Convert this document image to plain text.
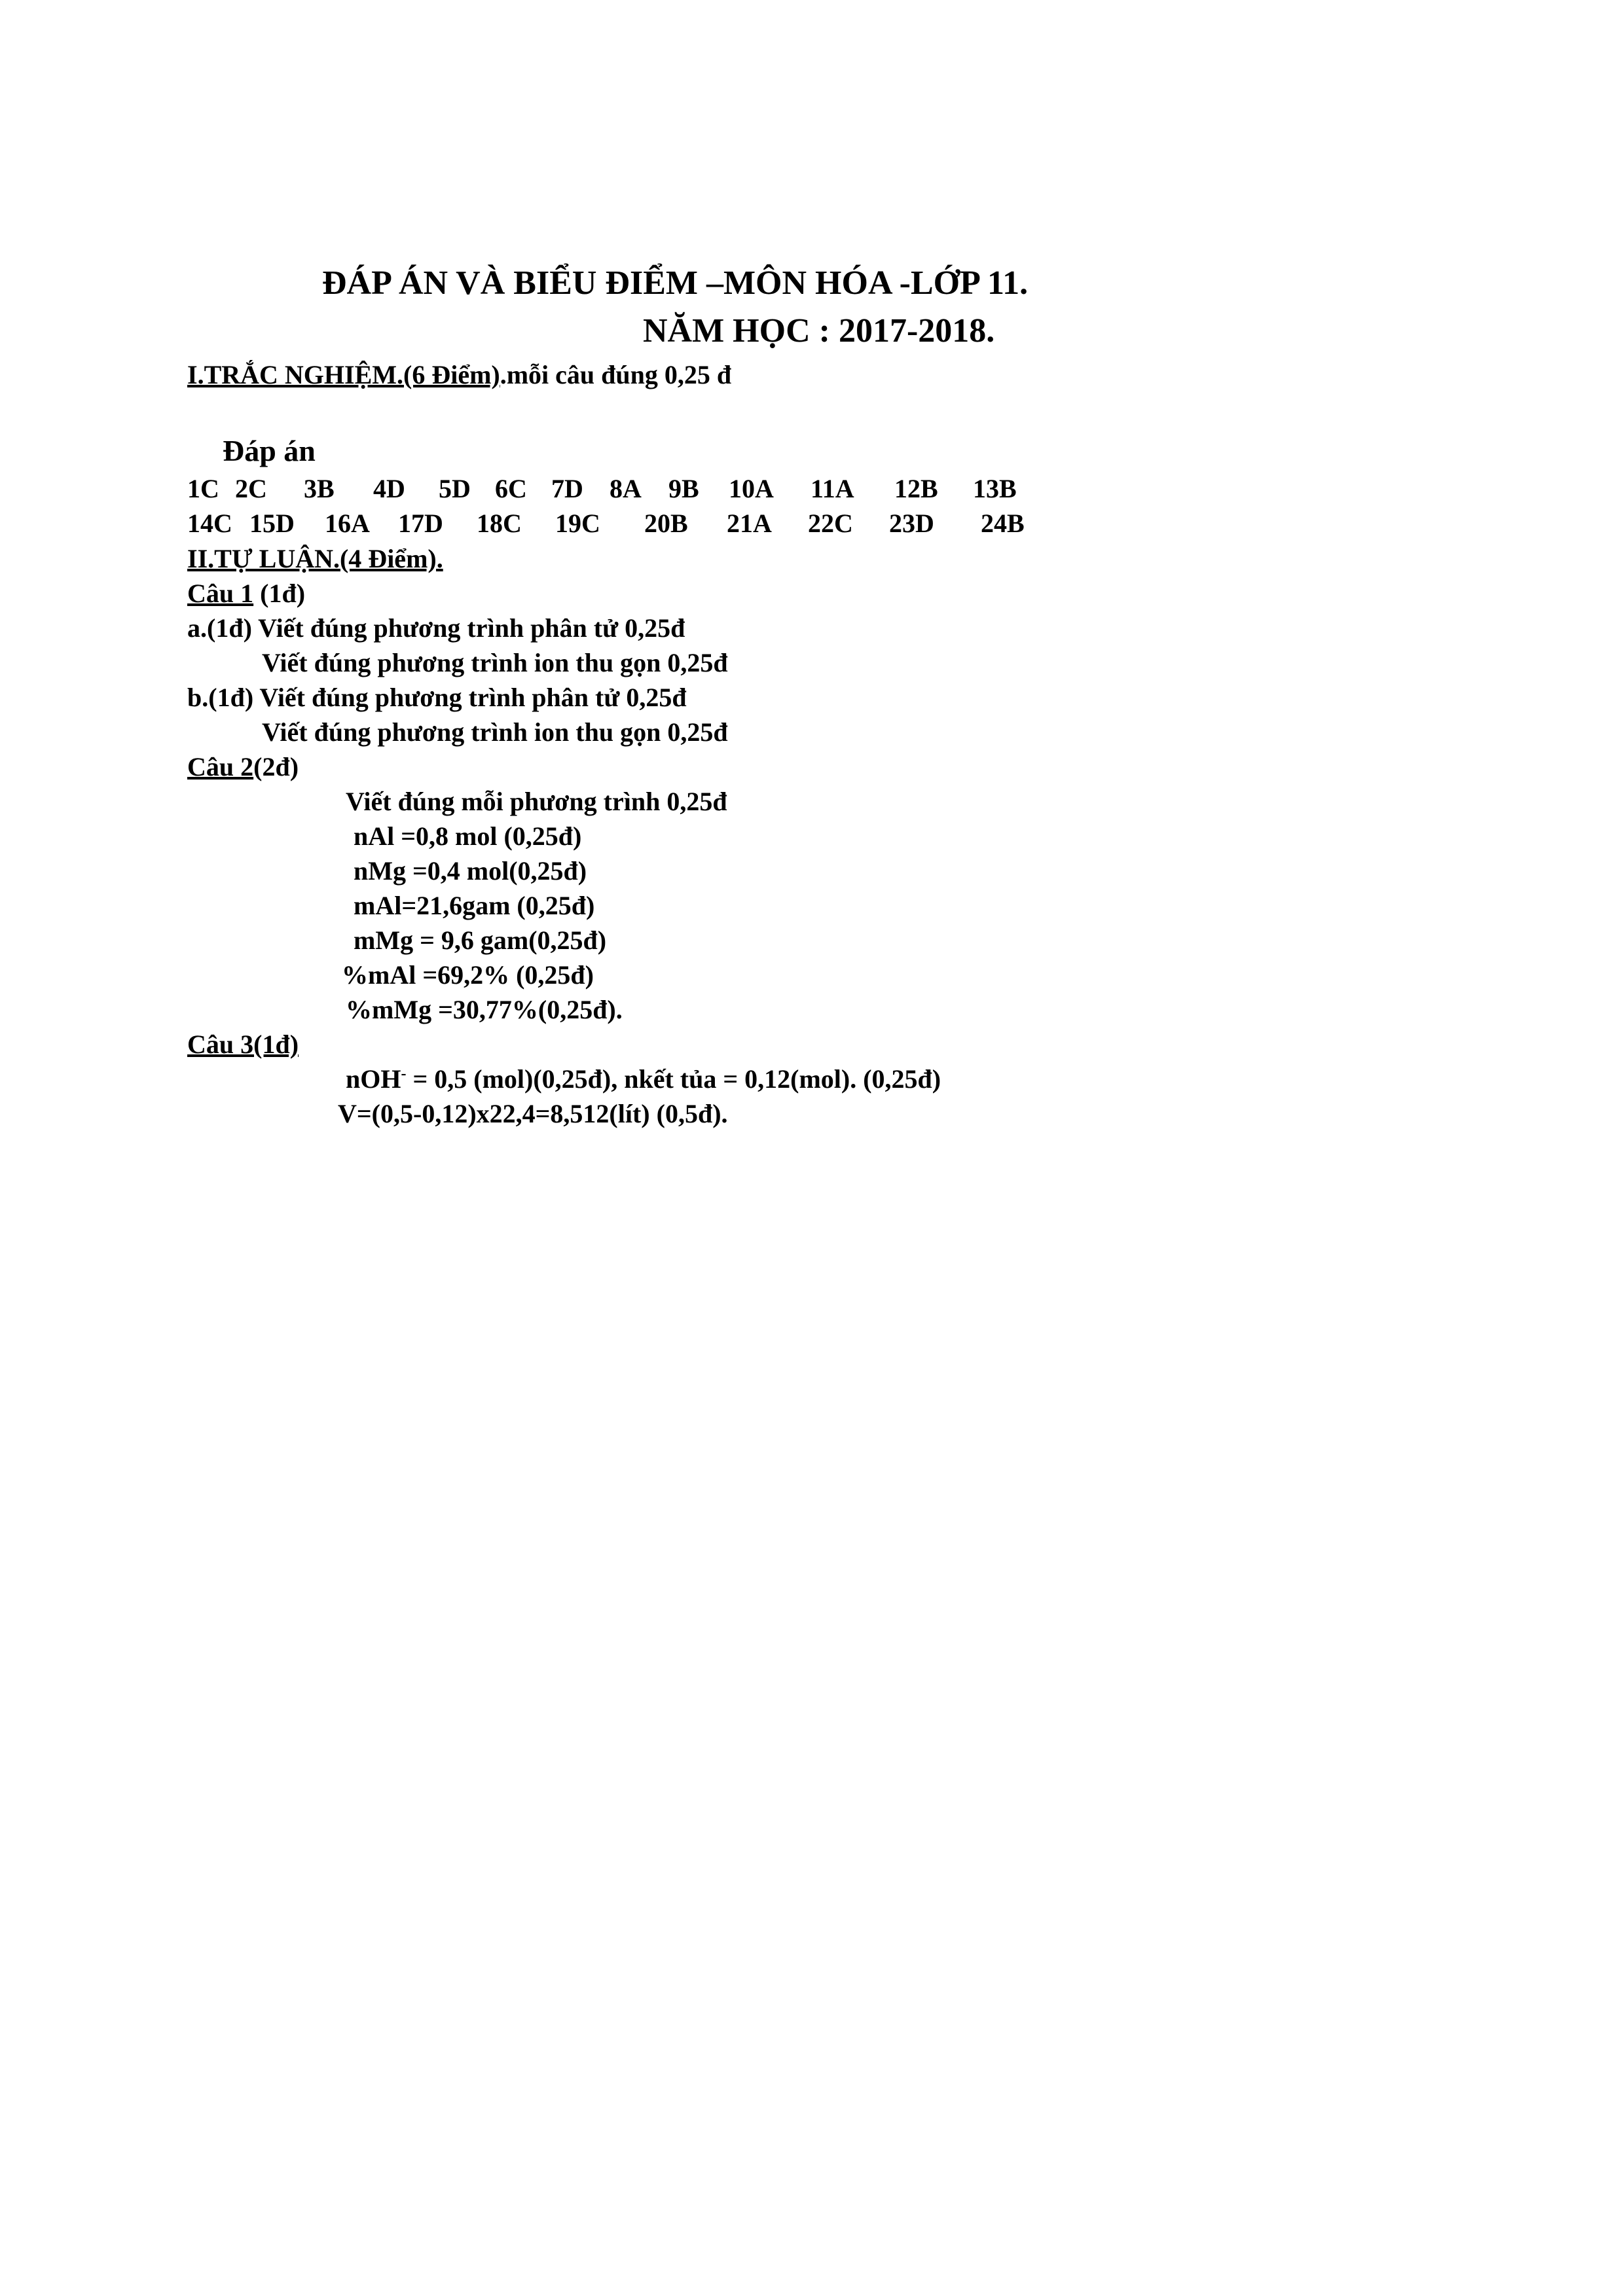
ĐÁP ÁN VÀ BIỂU ĐIỂM –MÔN HÓA -LỚP 11.
NĂM HỌC : 2017-2018.
I.TRẮC NGHIỆM.(6 Điểm).mỗi câu đúng 0,25 đ
Đáp án
1C 2C 3B 4D 5D 6C 7D 8A 9B 10A 11A 12B 13B
14C 15D 16A 17D 18C 19C 20B 21A 22C 23D 24B
II.TỰ LUẬN.(4 Điểm).
Câu 1 (1đ)
a.(1đ) Viết đúng phương trình phân tử 0,25đ
Viết đúng phương trình ion thu gọn 0,25đ
b.(1đ) Viết đúng phương trình phân tử 0,25đ
Viết đúng phương trình ion thu gọn 0,25đ
Câu 2(2đ)
Viết đúng mỗi phương trình 0,25đ
nAl =0,8 mol (0,25đ)
nMg =0,4 mol(0,25đ)
mAl=21,6gam (0,25đ)
mMg = 9,6 gam(0,25đ)
%mAl =69,2% (0,25đ)
%mMg =30,77%(0,25đ).
Câu 3(1đ)
nOH- = 0,5 (mol)(0,25đ), nkết tủa = 0,12(mol). (0,25đ)
V=(0,5-0,12)x22,4=8,512(lít) (0,5đ).
